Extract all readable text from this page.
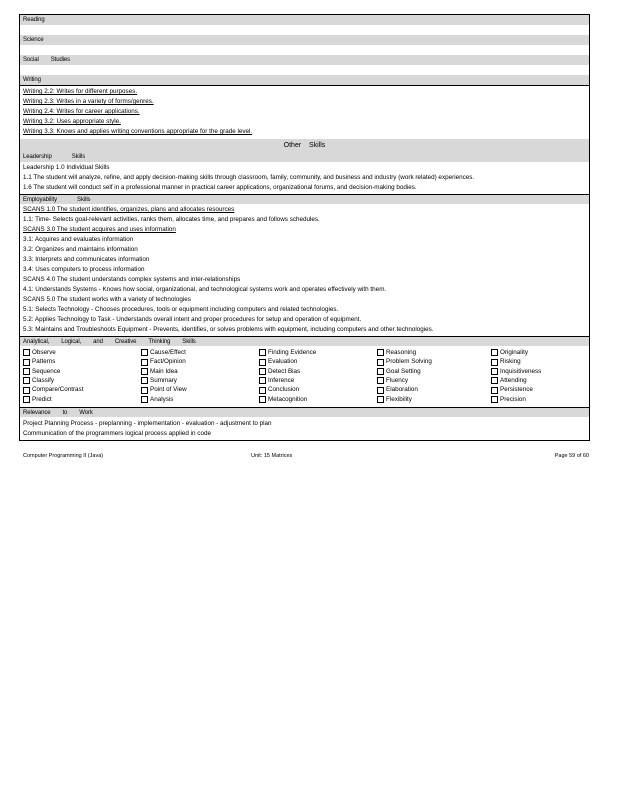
Reading
Science
Social Studies
Writing
Writing 2.2: Writes for different purposes.
Writing 2.3: Writes in a variety of forms/genres.
Writing 2.4: Writes for career applications.
Writing 3.2: Uses appropriate style.
Writing 3.3: Knows and applies writing conventions appropriate for the grade level.
Other Skills
Leadership	Skills
Leadership 1.0 Individual Skills
1.1 The student will analyze, refine, and apply decision-making skills through classroom, family, community, and business and industry (work related) experiences.
1.6 The student will conduct self in a professional manner in practical career applications, organizational forums, and decision-making bodies.
Employability	Skills
SCANS 1.0 The student identifies, organizes, plans and allocates resources
1.1: Time- Selects goal-relevant activities, ranks them, allocates time, and prepares and follows schedules.
SCANS 3.0 The student acquires and uses information
3.1: Acquires and evaluates information
3.2: Organizes and maintains information
3.3: Interprets and communicates information
3.4: Uses computers to process information
SCANS 4.0 The student understands complex systems and inter-relationships
4.1: Understands Systems - Knows how social, organizational, and technological systems work and operates effectively with them.
SCANS 5.0 The student works with a variety of technologies
5.1: Selects Technology - Chooses procedures, tools or equipment including computers and related technologies.
5.2: Applies Technology to Task - Understands overall intent and proper procedures for setup and operation of equipment.
5.3: Maintains and Troubleshoots Equipment - Prevents, identifies, or solves problems with equipment, including computers and other technologies.
Analytical, Logical, and Creative Thinking Skills
Observe	Cause/Effect	Finding Evidence	Reasoning	Originality
Patterns	Fact/Opinion	Evaluation	Problem Solving	Risking
Sequence	Main Idea	Detect Bias	Goal Setting	Inquisitiveness
Classify	Summary	Inference	Fluency	Attending
Compare/Contrast	Point of View	Conclusion	Elaboration	Persistence
Predict	Analysis	Metacognition	Flexibility	Precision
Relevance to Work
Project Planning Process - preplanning - implementation - evaluation - adjustment to plan
Communication of the programmers logical process applied in code
Computer Programming II (Java)	Unit: 15 Matrices	Page 59 of 60
